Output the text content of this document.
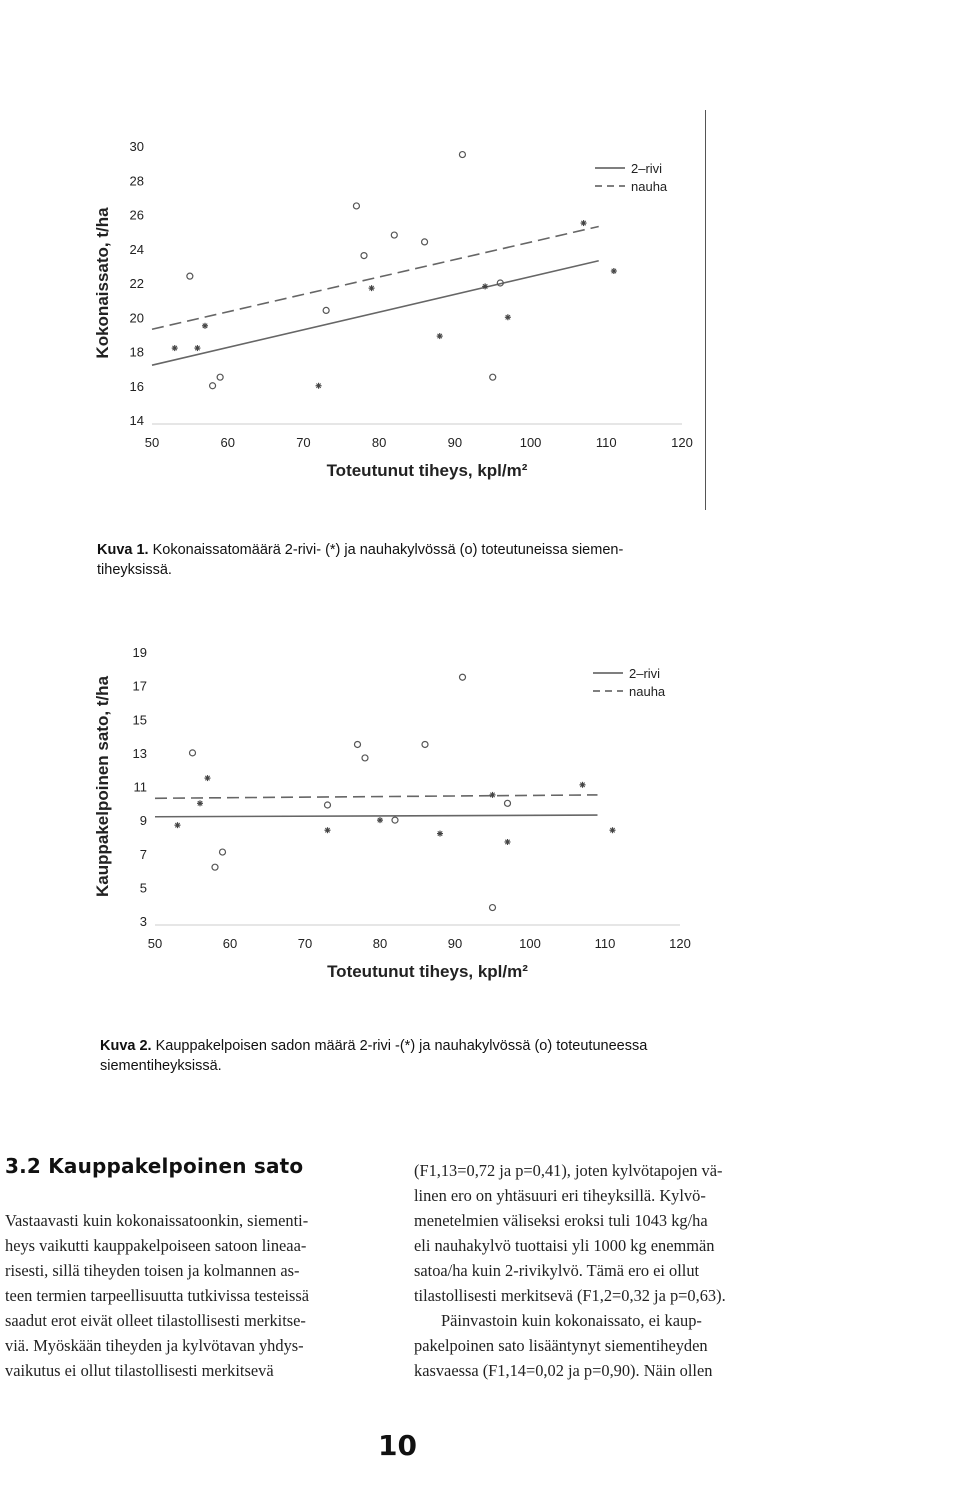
50	60	70	80	90	100	110	120
14
16
18
20
22
24
26
28
30
Toteutunut tiheys, kpl/m²
Kokonaissato, t/ha
2–rivi
nauha
Kuva 1. Kokonaissatomäärä 2-rivi- (*) ja nauhakylvössä (o) toteutuneissa siemen-
tiheyksissä.
50	60	70	80	90	100	110	120
3
5
7
9
11
13
15
17
19
Toteutunut tiheys, kpl/m²
Kauppakelpoinen sato, t/ha
2–rivi
nauha
Kuva 2. Kauppakelpoisen sadon määrä 2-rivi -(*) ja nauhakylvössä (o) toteutuneessa
siementiheyksissä.
3.2 Kauppakelpoinen sato

Vastaavasti kuin kokonaissatoonkin, siementi-

heys vaikutti kauppakelpoiseen satoon lineaa-

risesti, sillä tiheyden toisen ja kolmannen as-

teen termien tarpeellisuutta tutkivissa testeissä

saadut erot eivät olleet tilastollisesti merkitse-

viä. Myöskään tiheyden ja kylvötavan yhdys-

vaikutus ei ollut tilastollisesti merkitsevä

(F1,13=0,72 ja p=0,41), joten kylvötapojen vä-

linen ero on yhtäsuuri eri tiheyksillä. Kylvö-

menetelmien väliseksi eroksi tuli 1043 kg/ha

eli nauhakylvö tuottaisi yli 1000 kg enemmän

satoa/ha kuin 2-rivikylvö. Tämä ero ei ollut

tilastollisesti merkitsevä (F1,2=0,32 ja p=0,63).

Päinvastoin kuin kokonaissato, ei kaup-

pakelpoinen sato lisääntynyt siementiheyden

kasvaessa (F1,14=0,02 ja p=0,90). Näin ollen

10
